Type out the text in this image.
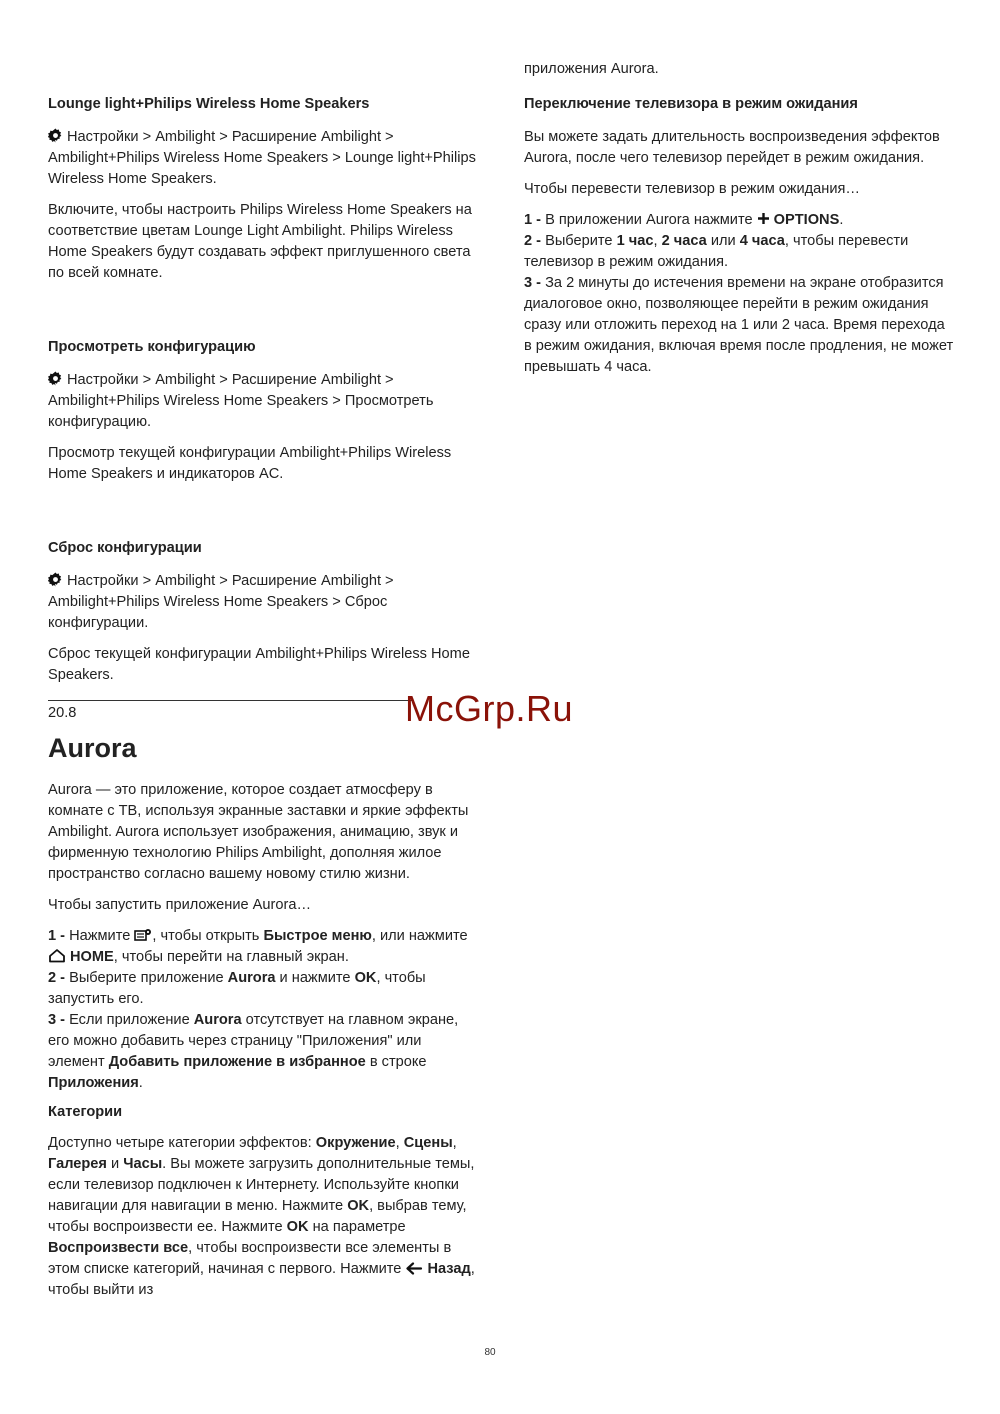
Lounge light+Philips Wireless Home Speakers

Настройки > Ambilight > Расширение Ambilight > Ambilight+Philips Wireless Home Speakers > Lounge light+Philips Wireless Home Speakers.

Включите, чтобы настроить Philips Wireless Home Speakers на соответствие цветам Lounge Light Ambilight. Philips Wireless Home Speakers будут создавать эффект приглушенного света по всей комнате.

Просмотреть конфигурацию

Настройки > Ambilight > Расширение Ambilight > Ambilight+Philips Wireless Home Speakers > Просмотреть конфигурацию.

Просмотр текущей конфигурации Ambilight+Philips Wireless Home Speakers и индикаторов AC.

Сброс конфигурации

Настройки > Ambilight > Расширение Ambilight > Ambilight+Philips Wireless Home Speakers > Сброс конфигурации.

Сброс текущей конфигурации Ambilight+Philips Wireless Home Speakers.

20.8
Aurora

Aurora — это приложение, которое создает атмосферу в комнате с ТВ, используя экранные заставки и яркие эффекты Ambilight. Aurora использует изображения, анимацию, звук и фирменную технологию Philips Ambilight, дополняя жилое пространство согласно вашему новому стилю жизни.

Чтобы запустить приложение Aurora…

1 - Нажмите , чтобы открыть Быстрое меню, или нажмите HOME, чтобы перейти на главный экран.
2 - Выберите приложение Aurora и нажмите OK, чтобы запустить его.
3 - Если приложение Aurora отсутствует на главном экране, его можно добавить через страницу "Приложения" или элемент Добавить приложение в избранное в строке Приложения.

Категории

Доступно четыре категории эффектов: Окружение, Сцены, Галерея и Часы. Вы можете загрузить дополнительные темы, если телевизор подключен к Интернету. Используйте кнопки навигации для навигации в меню. Нажмите OK, выбрав тему, чтобы воспроизвести ее. Нажмите OK на параметре Воспроизвести все, чтобы воспроизвести все элементы в этом списке категорий, начиная с первого. Нажмите Назад, чтобы выйти из

приложения Aurora.

Переключение телевизора в режим ожидания

Вы можете задать длительность воспроизведения эффектов Aurora, после чего телевизор перейдет в режим ожидания.

Чтобы перевести телевизор в режим ожидания…

1 - В приложении Aurora нажмите OPTIONS.
2 - Выберите 1 час, 2 часа или 4 часа, чтобы перевести телевизор в режим ожидания.
3 - За 2 минуты до истечения времени на экране отобразится диалоговое окно, позволяющее перейти в режим ожидания сразу или отложить переход на 1 или 2 часа. Время перехода в режим ожидания, включая время после продления, не может превышать 4 часа.
McGrp.Ru
80
